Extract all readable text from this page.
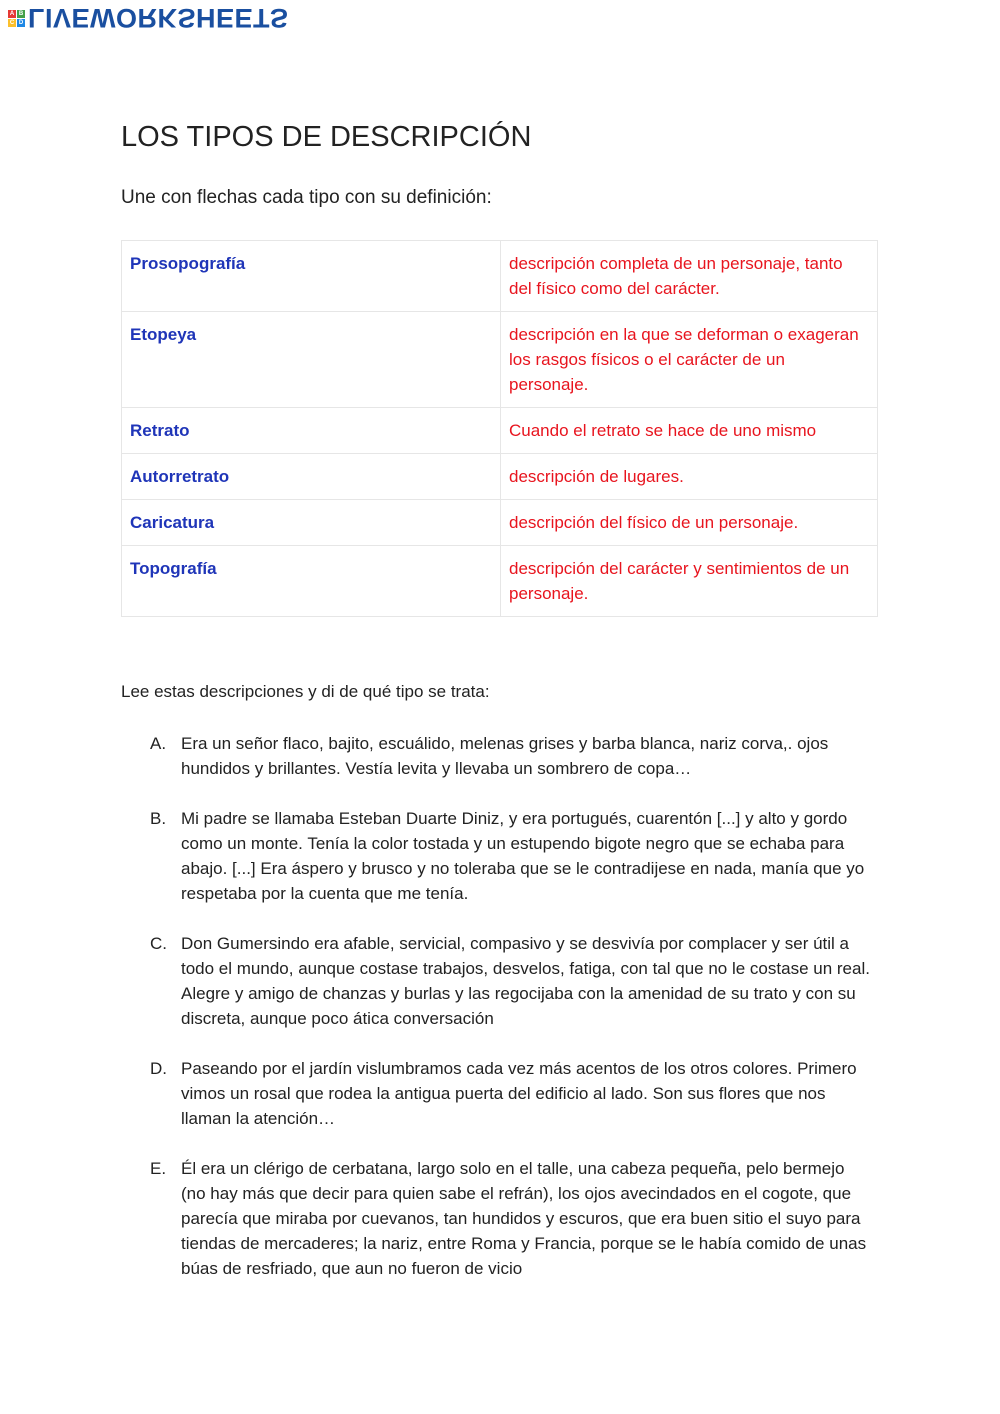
A B
C D LIVEWORKSHEETS
LOS TIPOS DE DESCRIPCIÓN
Une con flechas cada tipo con su definición:
Prosopografía	descripción completa de un personaje, tanto del físico como del carácter.
Etopeya	descripción en la que se deforman o exageran los rasgos físicos o el carácter de un personaje.
Retrato	Cuando el retrato se hace de uno mismo
Autorretrato	descripción de lugares.
Caricatura	descripción del físico de un personaje.
Topografía	descripción del carácter y sentimientos de un personaje.
Lee estas descripciones y di de qué tipo se trata:
A. Era un señor flaco, bajito, escuálido, melenas grises y barba blanca, nariz corva,. ojos hundidos y brillantes. Vestía levita y llevaba un sombrero de copa…
B. Mi padre se llamaba Esteban Duarte Diniz, y era portugués, cuarentón [...] y alto y gordo como un monte. Tenía la color tostada y un estupendo bigote negro que se echaba para abajo. [...] Era áspero y brusco y no toleraba que se le contradijese en nada, manía que yo respetaba por la cuenta que me tenía.
C. Don Gumersindo era afable, servicial, compasivo y se desvivía por complacer y ser útil a todo el mundo, aunque costase trabajos, desvelos, fatiga, con tal que no le costase un real. Alegre y amigo de chanzas y burlas y las regocijaba con la amenidad de su trato y con su discreta, aunque poco ática conversación
D. Paseando por el jardín vislumbramos cada vez más acentos de los otros colores. Primero vimos un rosal que rodea la antigua puerta del edificio al lado. Son sus flores que nos llaman la atención…
E. Él era un clérigo de cerbatana, largo solo en el talle, una cabeza pequeña, pelo bermejo (no hay más que decir para quien sabe el refrán), los ojos avecindados en el cogote, que parecía que miraba por cuevanos, tan hundidos y escuros, que era buen sitio el suyo para tiendas de mercaderes; la nariz, entre Roma y Francia, porque se le había comido de unas búas de resfriado, que aun no fueron de vicio
